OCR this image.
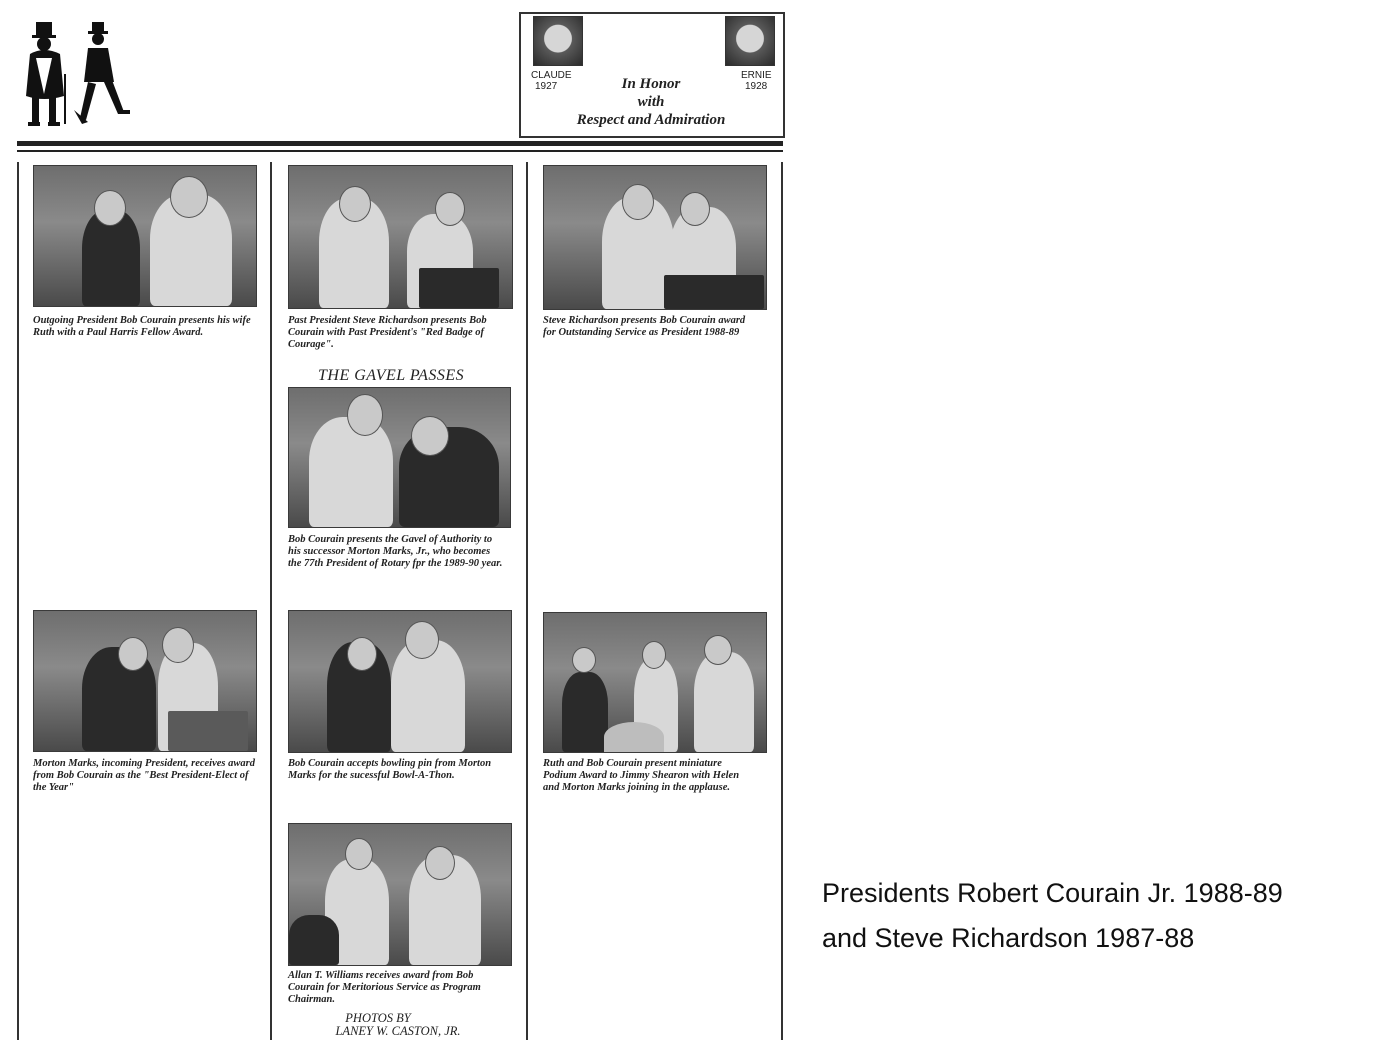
CLAUDE
1927
ERNIE
1928
In Honor
with
Respect and Admiration
Outgoing President Bob Courain presents his wife Ruth with a Paul Harris Fellow Award.
Past President Steve Richardson presents Bob Courain with Past President's "Red Badge of Courage".
Steve Richardson presents Bob Courain award for Outstanding Service as President 1988-89
THE GAVEL PASSES
Bob Courain presents the Gavel of Authority to his successor Morton Marks, Jr., who becomes the 77th President of Rotary fpr the 1989-90 year.
Morton Marks, incoming President, receives award from Bob Courain as the "Best President-Elect of the Year"
Bob Courain accepts bowling pin from Morton Marks for the sucessful Bowl-A-Thon.
Ruth and Bob Courain present miniature Podium Award to Jimmy Shearon with Helen and Morton Marks joining in the applause.
Allan T. Williams receives award from Bob Courain for Meritorious Service as Program Chairman.
PHOTOS BY
LANEY W. CASTON, JR.
Presidents Robert Courain Jr. 1988-89
and Steve Richardson 1987-88
